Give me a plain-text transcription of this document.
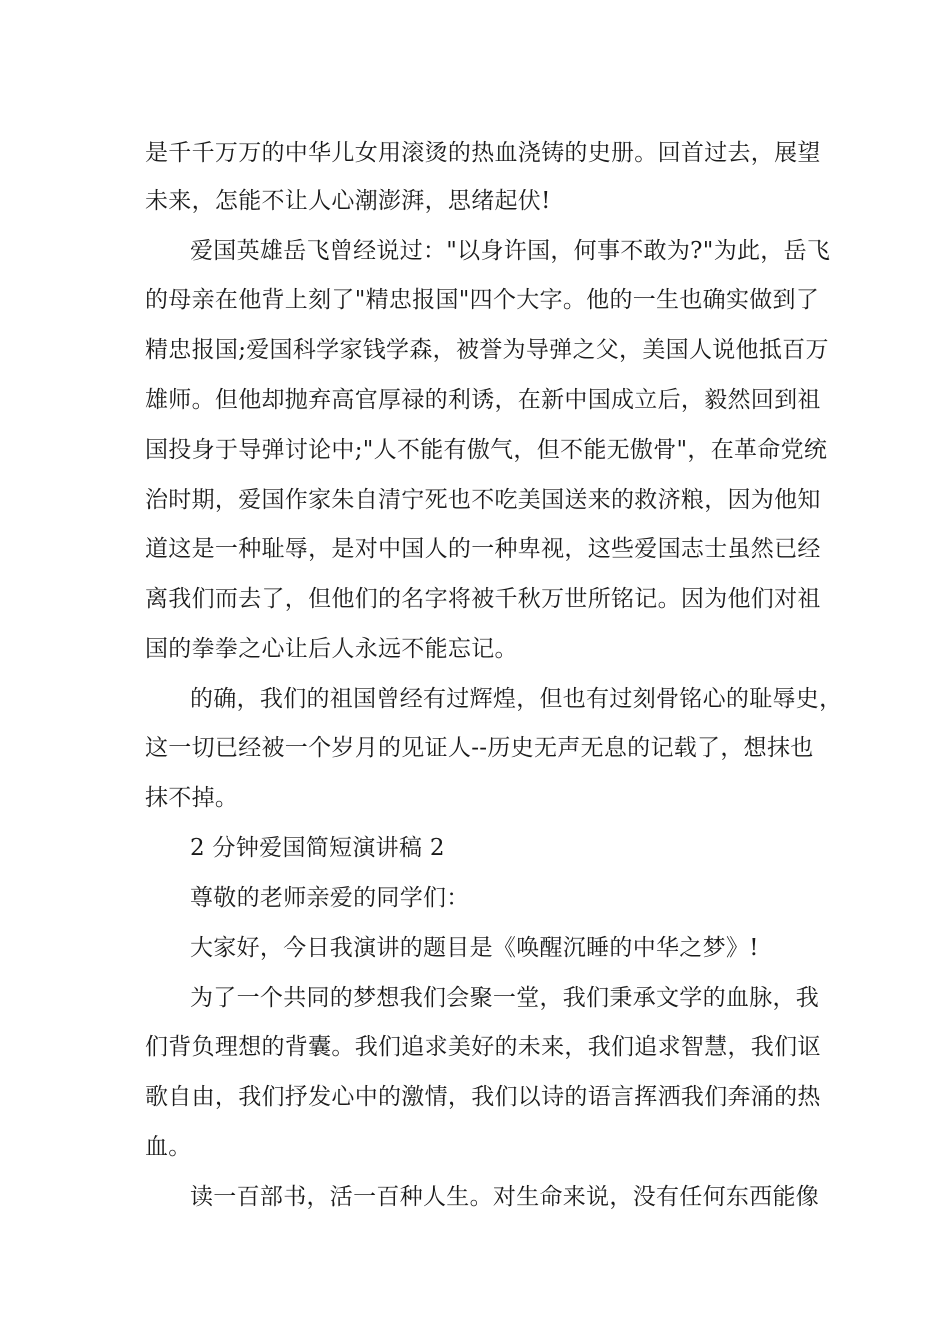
是千千万万的中华儿女用滚烫的热血浇铸的史册。回首过去，展望
未来，怎能不让人心潮澎湃，思绪起伏!
爱国英雄岳飞曾经说过："以身许国，何事不敢为?"为此，岳飞
的母亲在他背上刻了"精忠报国"四个大字。他的一生也确实做到了
精忠报国;爱国科学家钱学森，被誉为导弹之父，美国人说他抵百万
雄师。但他却抛弃高官厚禄的利诱，在新中国成立后，毅然回到祖
国投身于导弹讨论中;"人不能有傲气，但不能无傲骨"，在革命党统
治时期，爱国作家朱自清宁死也不吃美国送来的救济粮，因为他知
道这是一种耻辱，是对中国人的一种卑视，这些爱国志士虽然已经
离我们而去了，但他们的名字将被千秋万世所铭记。因为他们对祖
国的拳拳之心让后人永远不能忘记。
的确，我们的祖国曾经有过辉煌，但也有过刻骨铭心的耻辱史，
这一切已经被一个岁月的见证人--历史无声无息的记载了，想抹也
抹不掉。
2 分钟爱国简短演讲稿 2
尊敬的老师亲爱的同学们：
大家好，今日我演讲的题目是《唤醒沉睡的中华之梦》!
为了一个共同的梦想我们会聚一堂，我们秉承文学的血脉，我
们背负理想的背囊。我们追求美好的未来，我们追求智慧，我们讴
歌自由，我们抒发心中的激情，我们以诗的语言挥洒我们奔涌的热
血。
读一百部书，活一百种人生。对生命来说，没有任何东西能像
